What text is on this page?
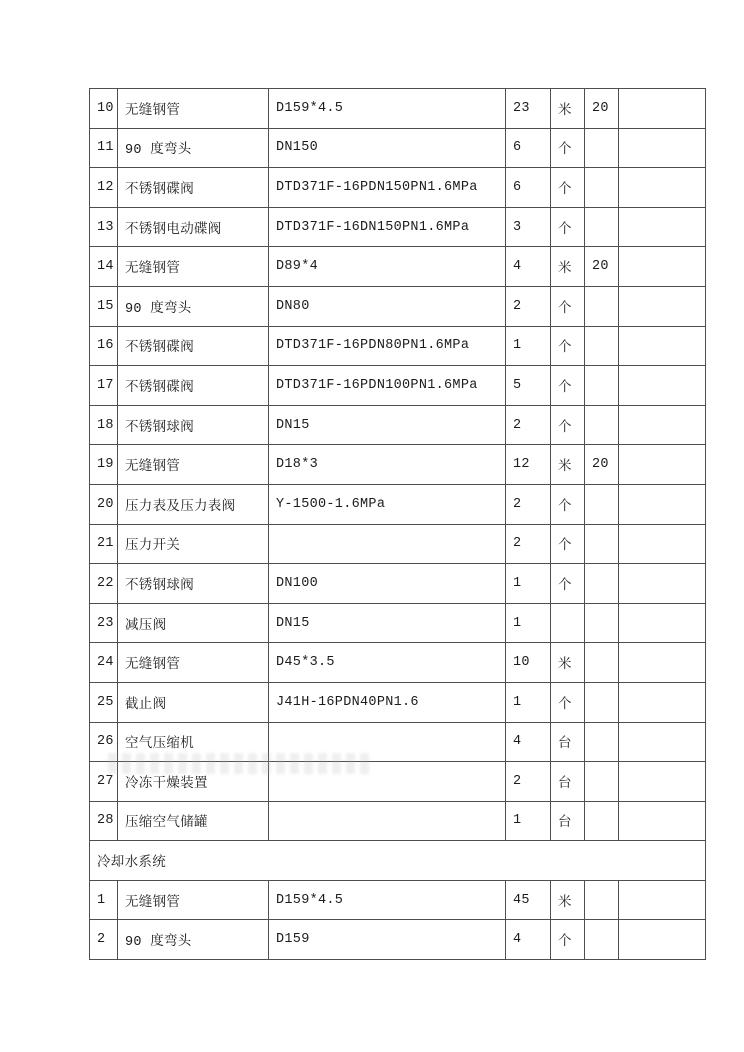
10	无缝钢管	D159*4.5	23	米	20	
11	90 度弯头	DN150	6	个		
12	不锈钢碟阀	DTD371F-16PDN150PN1.6MPa	6	个		
13	不锈钢电动碟阀	DTD371F-16DN150PN1.6MPa	3	个		
14	无缝钢管	D89*4	4	米	20	
15	90 度弯头	DN80	2	个		
16	不锈钢碟阀	DTD371F-16PDN80PN1.6MPa	1	个		
17	不锈钢碟阀	DTD371F-16PDN100PN1.6MPa	5	个		
18	不锈钢球阀	DN15	2	个		
19	无缝钢管	D18*3	12	米	20	
20	压力表及压力表阀	Y-1500-1.6MPa	2	个		
21	压力开关		2	个		
22	不锈钢球阀	DN100	1	个		
23	减压阀	DN15	1			
24	无缝钢管	D45*3.5	10	米		
25	截止阀	J41H-16PDN40PN1.6	1	个		
26	空气压缩机		4	台		
27	冷冻干燥装置		2	台		
28	压缩空气储罐		1	台		
冷却水系统						
1	无缝钢管	D159*4.5	45	米		
2	90 度弯头	D159	4	个		
